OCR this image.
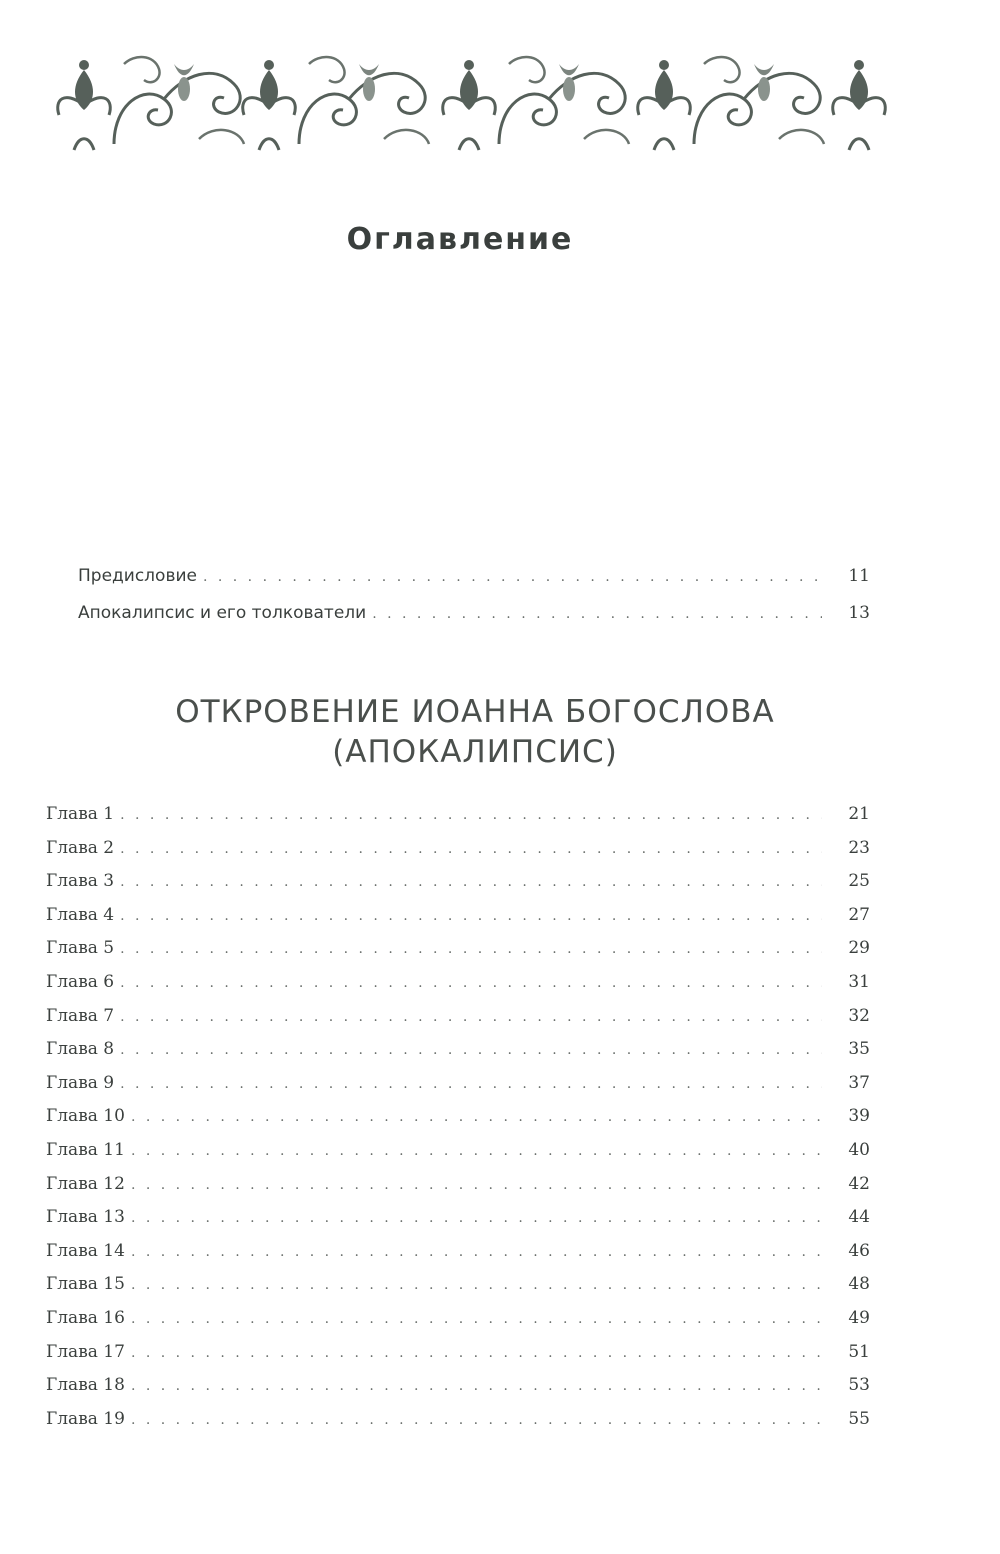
Оглавление
Предисловие . . .	11
Апокалипсис и его толкователи . . .	13
ОТКРОВЕНИЕ ИОАННА БОГОСЛОВА
(АПОКАЛИПСИС)
Глава 1 . . .	21
Глава 2 . . .	23
Глава 3 . . .	25
Глава 4 . . .	27
Глава 5 . . .	29
Глава 6 . . .	31
Глава 7 . . .	32
Глава 8 . . .	35
Глава 9 . . .	37
Глава 10 . . .	39
Глава 11 . . .	40
Глава 12 . . .	42
Глава 13 . . .	44
Глава 14 . . .	46
Глава 15 . . .	48
Глава 16 . . .	49
Глава 17 . . .	51
Глава 18 . . .	53
Глава 19 . . .	55
